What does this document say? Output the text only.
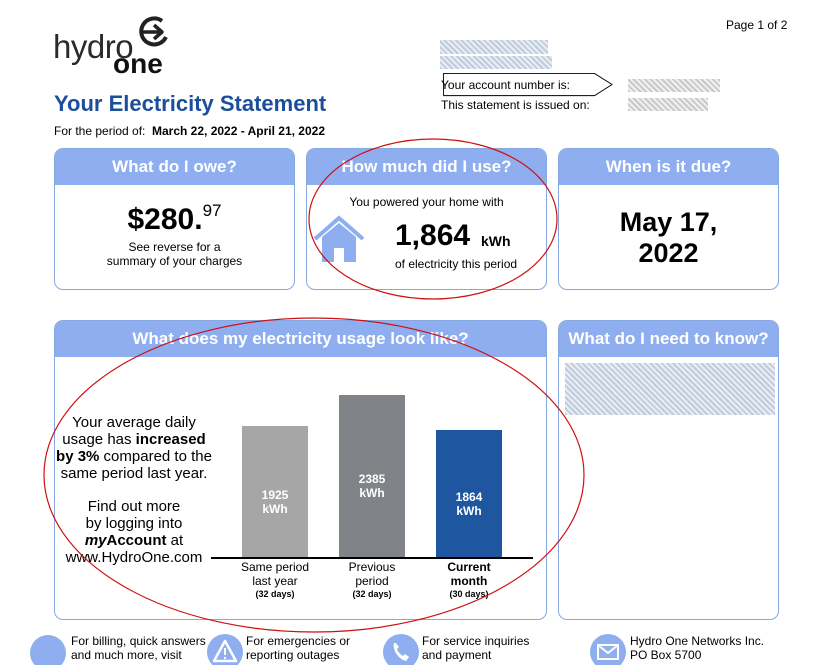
hydro
one
Page 1 of 2
Your Electricity Statement
For the period of: March 22, 2022 - April 21, 2022
Your account number is:
This statement is issued on:
What do I owe?
$280.97
See reverse for a
summary of your charges
How much did I use?
You powered your home with
1,864 kWh
of electricity this period
When is it due?
May 17,
2022
What does my electricity usage look like?
Your average daily
usage has increased
by 3% compared to the
same period last year.
Find out more
by logging into
myAccount at
www.HydroOne.com
1925
kWh
Same period
last year
(32 days)
2385
kWh
Previous
period
(32 days)
1864
kWh
Current
month
(30 days)
What do I need to know?
For billing, quick answers
and much more, visit
For emergencies or
reporting outages
For service inquiries
and payment
Hydro One Networks Inc.
PO Box 5700
